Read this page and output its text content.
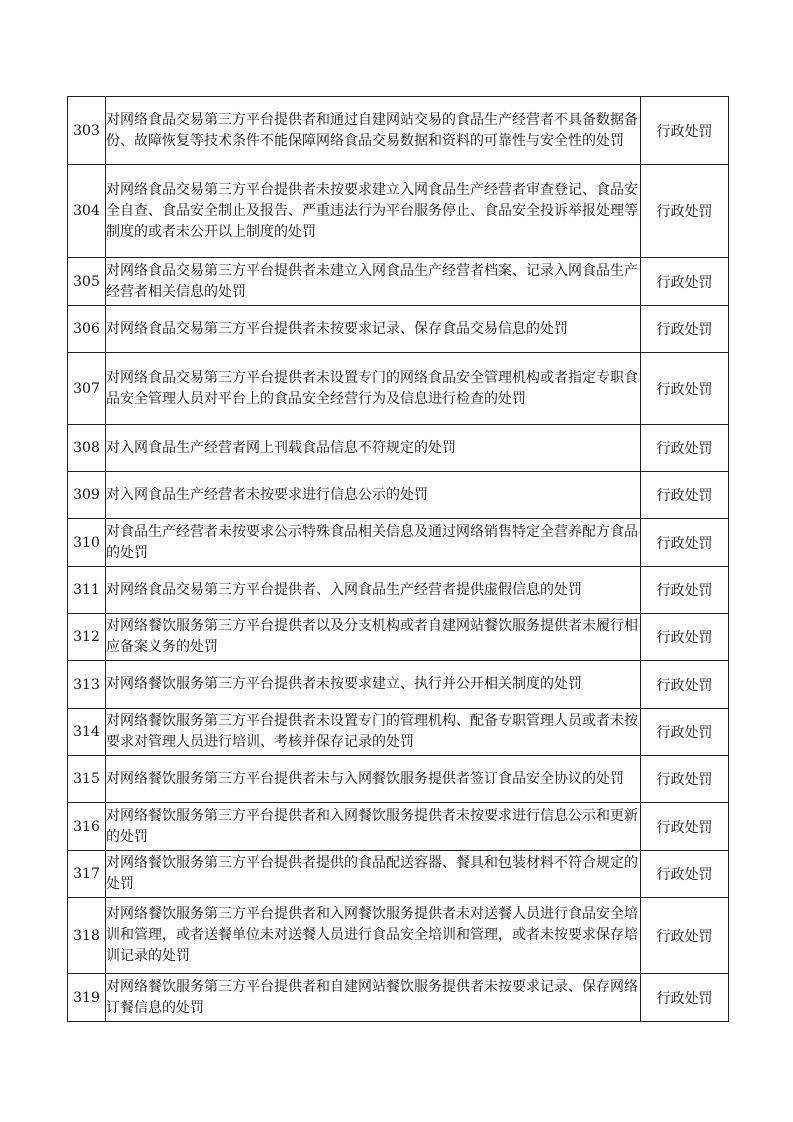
303	对网络食品交易第三方平台提供者和通过自建网站交易的食品生产经营者不具备数据备份、故障恢复等技术条件不能保障网络食品交易数据和资料的可靠性与安全性的处罚	行政处罚
304	对网络食品交易第三方平台提供者未按要求建立入网食品生产经营者审查登记、食品安全自查、食品安全制止及报告、严重违法行为平台服务停止、食品安全投诉举报处理等制度的或者未公开以上制度的处罚	行政处罚
305	对网络食品交易第三方平台提供者未建立入网食品生产经营者档案、记录入网食品生产经营者相关信息的处罚	行政处罚
306	对网络食品交易第三方平台提供者未按要求记录、保存食品交易信息的处罚	行政处罚
307	对网络食品交易第三方平台提供者未设置专门的网络食品安全管理机构或者指定专职食品安全管理人员对平台上的食品安全经营行为及信息进行检查的处罚	行政处罚
308	对入网食品生产经营者网上刊载食品信息不符规定的处罚	行政处罚
309	对入网食品生产经营者未按要求进行信息公示的处罚	行政处罚
310	对食品生产经营者未按要求公示特殊食品相关信息及通过网络销售特定全营养配方食品的处罚	行政处罚
311	对网络食品交易第三方平台提供者、入网食品生产经营者提供虚假信息的处罚	行政处罚
312	对网络餐饮服务第三方平台提供者以及分支机构或者自建网站餐饮服务提供者未履行相应备案义务的处罚	行政处罚
313	对网络餐饮服务第三方平台提供者未按要求建立、执行并公开相关制度的处罚	行政处罚
314	对网络餐饮服务第三方平台提供者未设置专门的管理机构、配备专职管理人员或者未按要求对管理人员进行培训、考核并保存记录的处罚	行政处罚
315	对网络餐饮服务第三方平台提供者未与入网餐饮服务提供者签订食品安全协议的处罚	行政处罚
316	对网络餐饮服务第三方平台提供者和入网餐饮服务提供者未按要求进行信息公示和更新的处罚	行政处罚
317	对网络餐饮服务第三方平台提供者提供的食品配送容器、餐具和包装材料不符合规定的处罚	行政处罚
318	对网络餐饮服务第三方平台提供者和入网餐饮服务提供者未对送餐人员进行食品安全培训和管理，或者送餐单位未对送餐人员进行食品安全培训和管理，或者未按要求保存培训记录的处罚	行政处罚
319	对网络餐饮服务第三方平台提供者和自建网站餐饮服务提供者未按要求记录、保存网络订餐信息的处罚	行政处罚
